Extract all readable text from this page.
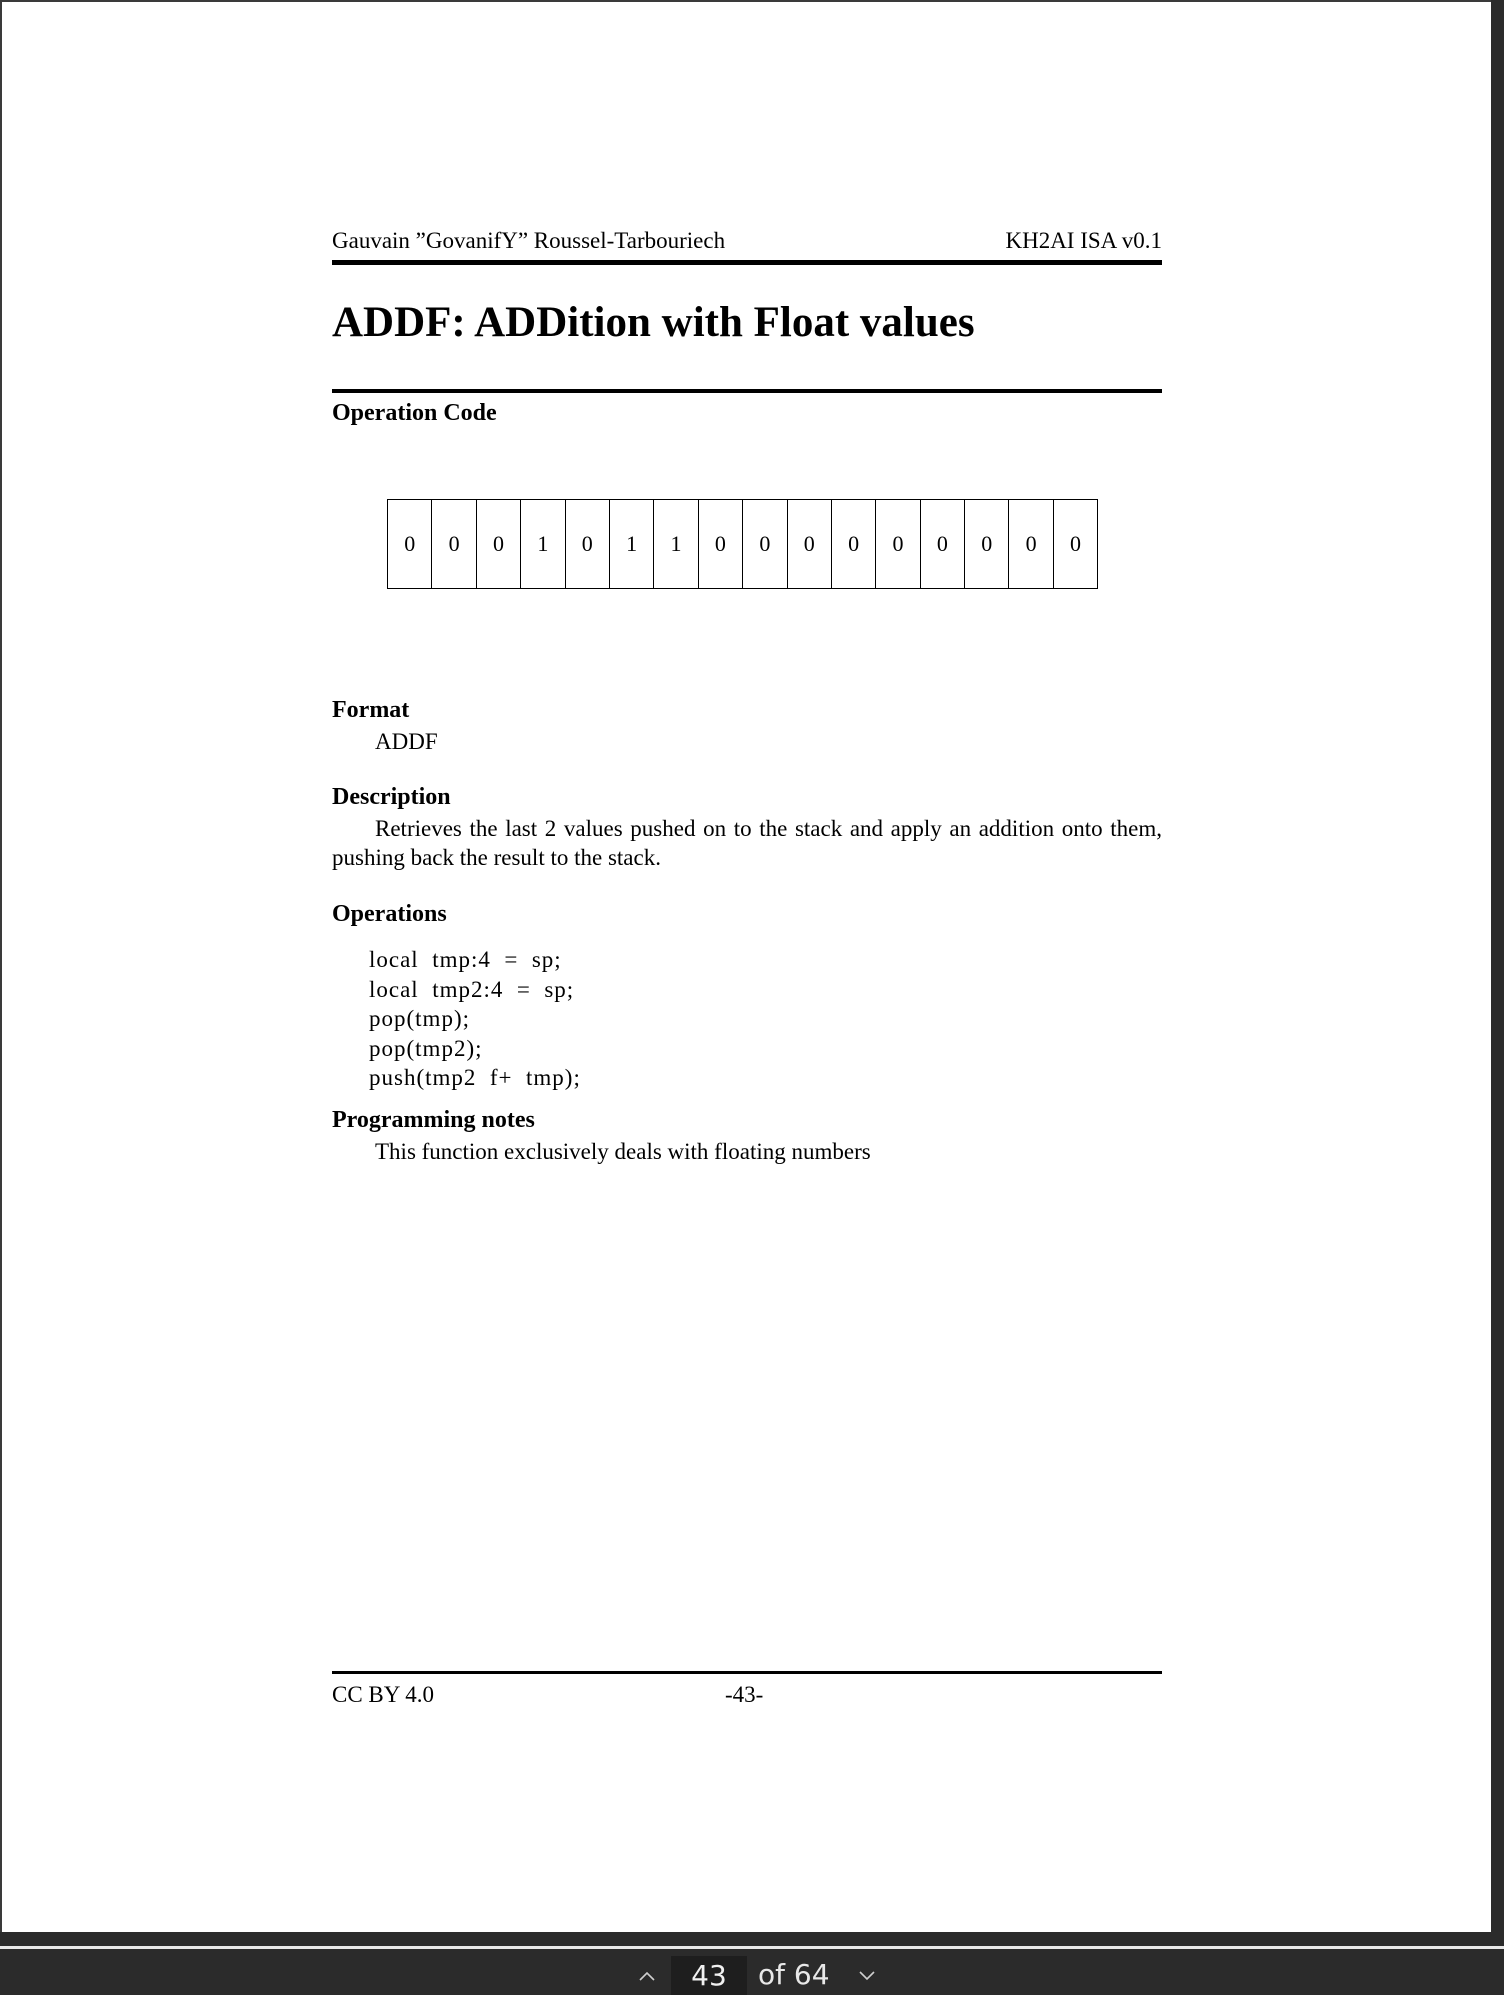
Gauvain ”GovanifY” Roussel-Tarbouriech	KH2AI ISA v0.1
ADDF: ADDition with Float values
Operation Code
0	0	0	1	0	1	1	0	0	0	0	0	0	0	0	0
Format
ADDF
Description
Retrieves the last 2 values pushed on to the stack and apply an addition onto them, pushing back the result to the stack.
Operations
local  tmp:4  =  sp;
local  tmp2:4  =  sp;
pop(tmp);
pop(tmp2);
push(tmp2  f+  tmp);
Programming notes
This function exclusively deals with floating numbers
CC BY 4.0	-43-
43
of 64
